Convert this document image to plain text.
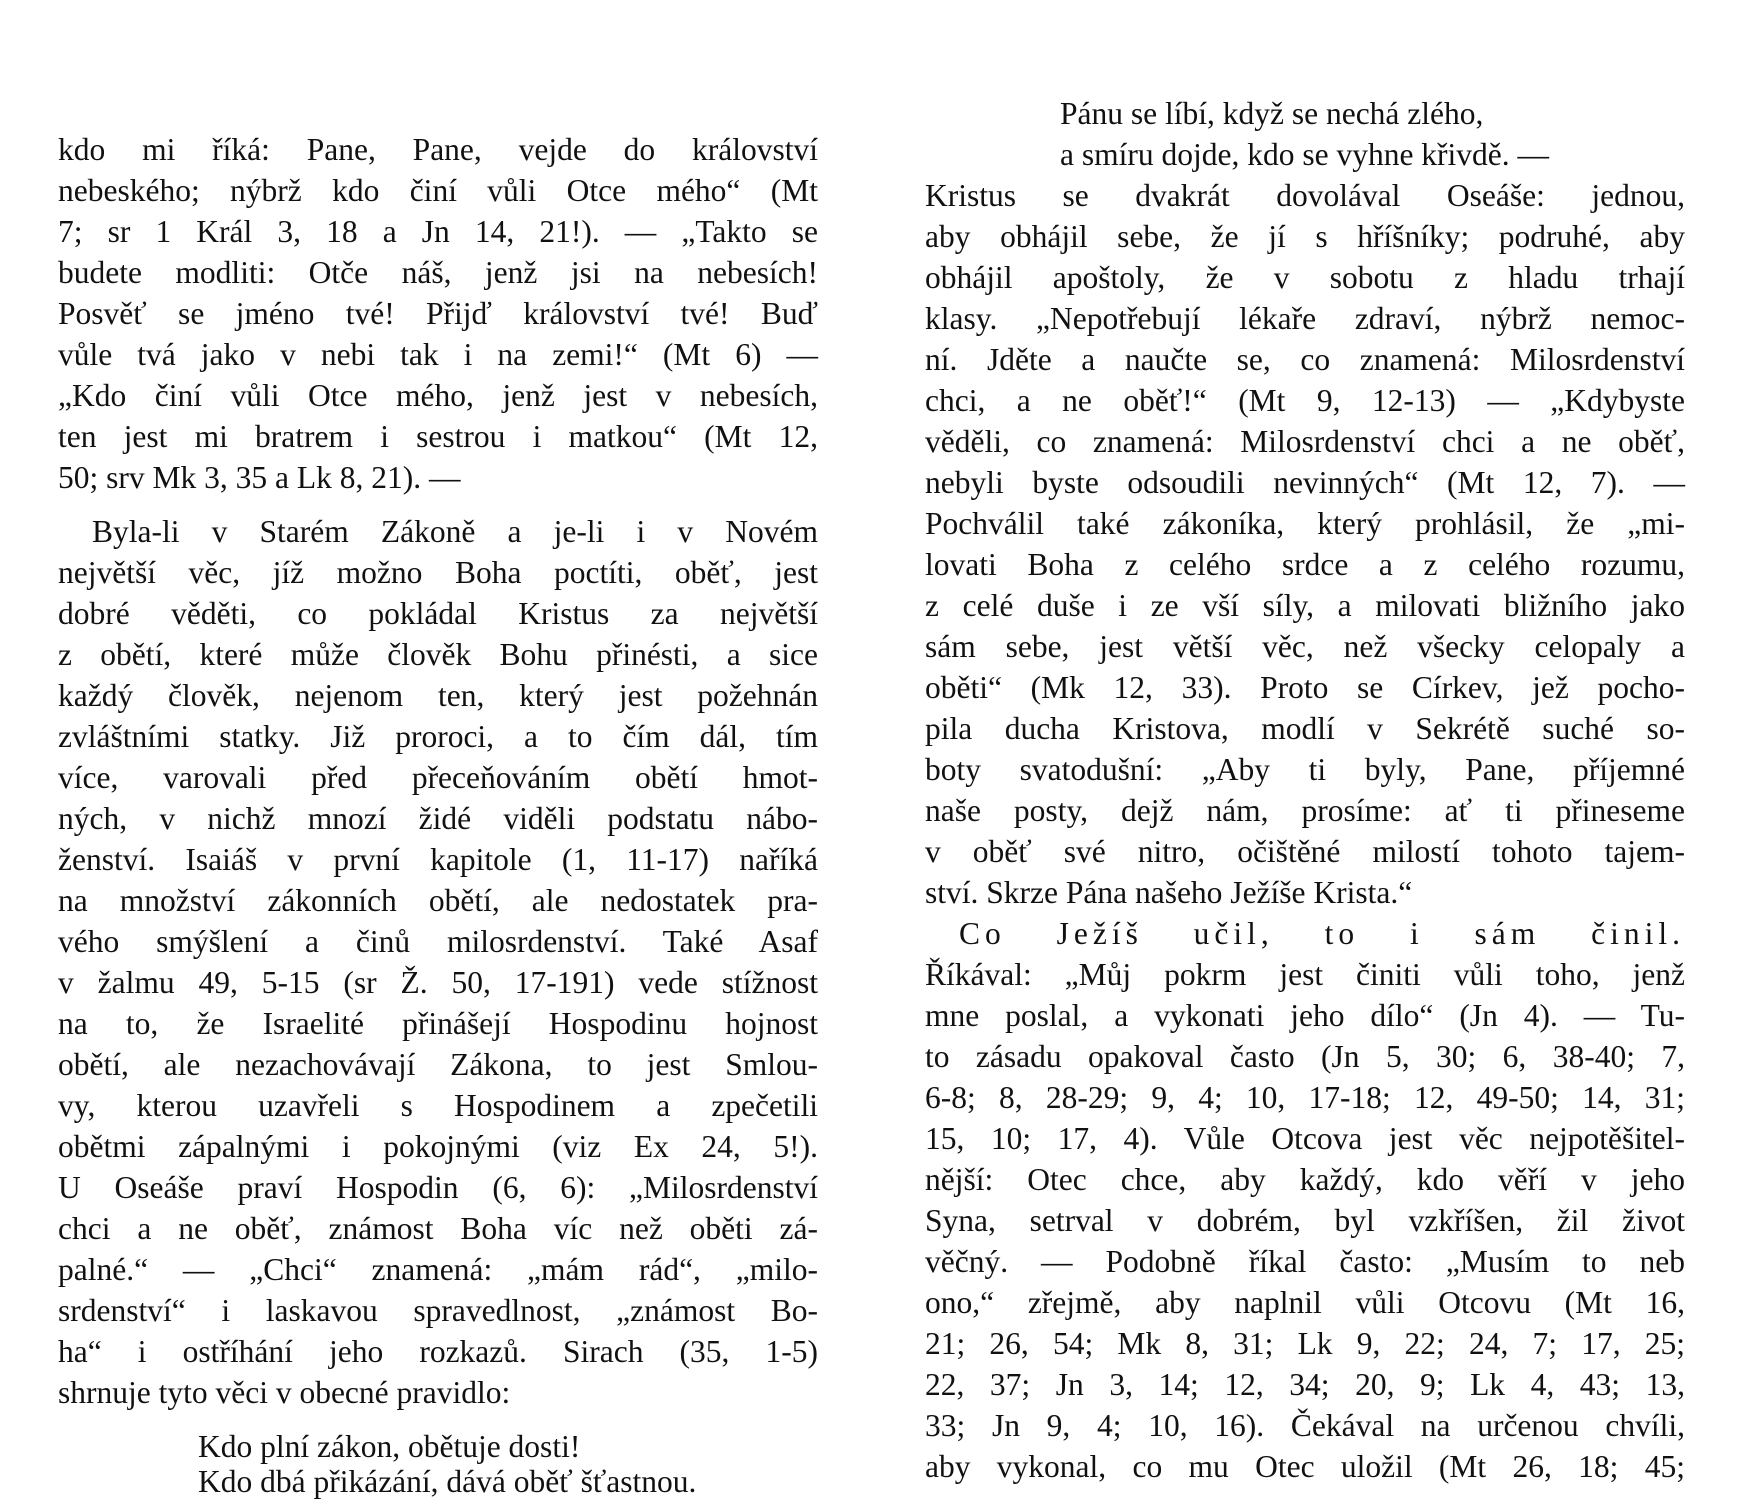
kdo mi říká: Pane, Pane, vejde do království
nebeského; nýbrž kdo činí vůli Otce mého“ (Mt
7; sr 1 Král 3, 18 a Jn 14, 21!). — „Takto se
budete modliti: Otče náš, jenž jsi na nebesích!
Posvěť se jméno tvé! Přijď království tvé! Buď
vůle tvá jako v nebi tak i na zemi!“ (Mt 6) —
„Kdo činí vůli Otce mého, jenž jest v nebesích,
ten jest mi bratrem i sestrou i matkou“ (Mt 12,
50; srv Mk 3, 35 a Lk 8, 21). —
Byla-li v Starém Zákoně a je-li i v Novém
největší věc, jíž možno Boha poctíti, oběť, jest
dobré věděti, co pokládal Kristus za největší
z obětí, které může člověk Bohu přinésti, a sice
každý člověk, nejenom ten, který jest požehnán
zvláštními statky. Již proroci, a to čím dál, tím
více, varovali před přeceňováním obětí hmot-
ných, v nichž mnozí židé viděli podstatu nábo-
ženství. Isaiáš v první kapitole (1, 11-17) naříká
na množství zákonních obětí, ale nedostatek pra-
vého smýšlení a činů milosrdenství. Také Asaf
v žalmu 49, 5-15 (sr Ž. 50, 17-191) vede stížnost
na to, že Israelité přinášejí Hospodinu hojnost
obětí, ale nezachovávají Zákona, to jest Smlou-
vy, kterou uzavřeli s Hospodinem a zpečetili
obětmi zápalnými i pokojnými (viz Ex 24, 5!).
U Oseáše praví Hospodin (6, 6): „Milosrdenství
chci a ne oběť, známost Boha víc než oběti zá-
palné.“ — „Chci“ znamená: „mám rád“, „milo-
srdenství“ i laskavou spravedlnost, „známost Bo-
ha“ i ostříhání jeho rozkazů. Sirach (35, 1-5)
shrnuje tyto věci v obecné pravidlo:
Kdo plní zákon, obětuje dosti!
Kdo dbá přikázání, dává oběť šťastnou.
Pánu se líbí, když se nechá zlého,
a smíru dojde, kdo se vyhne křivdě. —
Kristus se dvakrát dovolával Oseáše: jednou,
aby obhájil sebe, že jí s hříšníky; podruhé, aby
obhájil apoštoly, že v sobotu z hladu trhají
klasy. „Nepotřebují lékaře zdraví, nýbrž nemoc-
ní. Jděte a naučte se, co znamená: Milosrdenství
chci, a ne oběť!“ (Mt 9, 12-13) — „Kdybyste
věděli, co znamená: Milosrdenství chci a ne oběť,
nebyli byste odsoudili nevinných“ (Mt 12, 7). —
Pochválil také zákoníka, který prohlásil, že „mi-
lovati Boha z celého srdce a z celého rozumu,
z celé duše i ze vší síly, a milovati bližního jako
sám sebe, jest větší věc, než všecky celopaly a
oběti“ (Mk 12, 33). Proto se Církev, jež pocho-
pila ducha Kristova, modlí v Sekrétě suché so-
boty svatodušní: „Aby ti byly, Pane, příjemné
naše posty, dejž nám, prosíme: ať ti přineseme
v oběť své nitro, očištěné milostí tohoto tajem-
ství. Skrze Pána našeho Ježíše Krista.“
Co Ježíš učil, to i sám činil.
Říkával: „Můj pokrm jest činiti vůli toho, jenž
mne poslal, a vykonati jeho dílo“ (Jn 4). — Tu-
to zásadu opakoval často (Jn 5, 30; 6, 38-40; 7,
6-8; 8, 28-29; 9, 4; 10, 17-18; 12, 49-50; 14, 31;
15, 10; 17, 4). Vůle Otcova jest věc nejpotěšitel-
nější: Otec chce, aby každý, kdo věří v jeho
Syna, setrval v dobrém, byl vzkříšen, žil život
věčný. — Podobně říkal často: „Musím to neb
ono,“ zřejmě, aby naplnil vůli Otcovu (Mt 16,
21; 26, 54; Mk 8, 31; Lk 9, 22; 24, 7; 17, 25;
22, 37; Jn 3, 14; 12, 34; 20, 9; Lk 4, 43; 13,
33; Jn 9, 4; 10, 16). Čekával na určenou chvíli,
aby vykonal, co mu Otec uložil (Mt 26, 18; 45;
